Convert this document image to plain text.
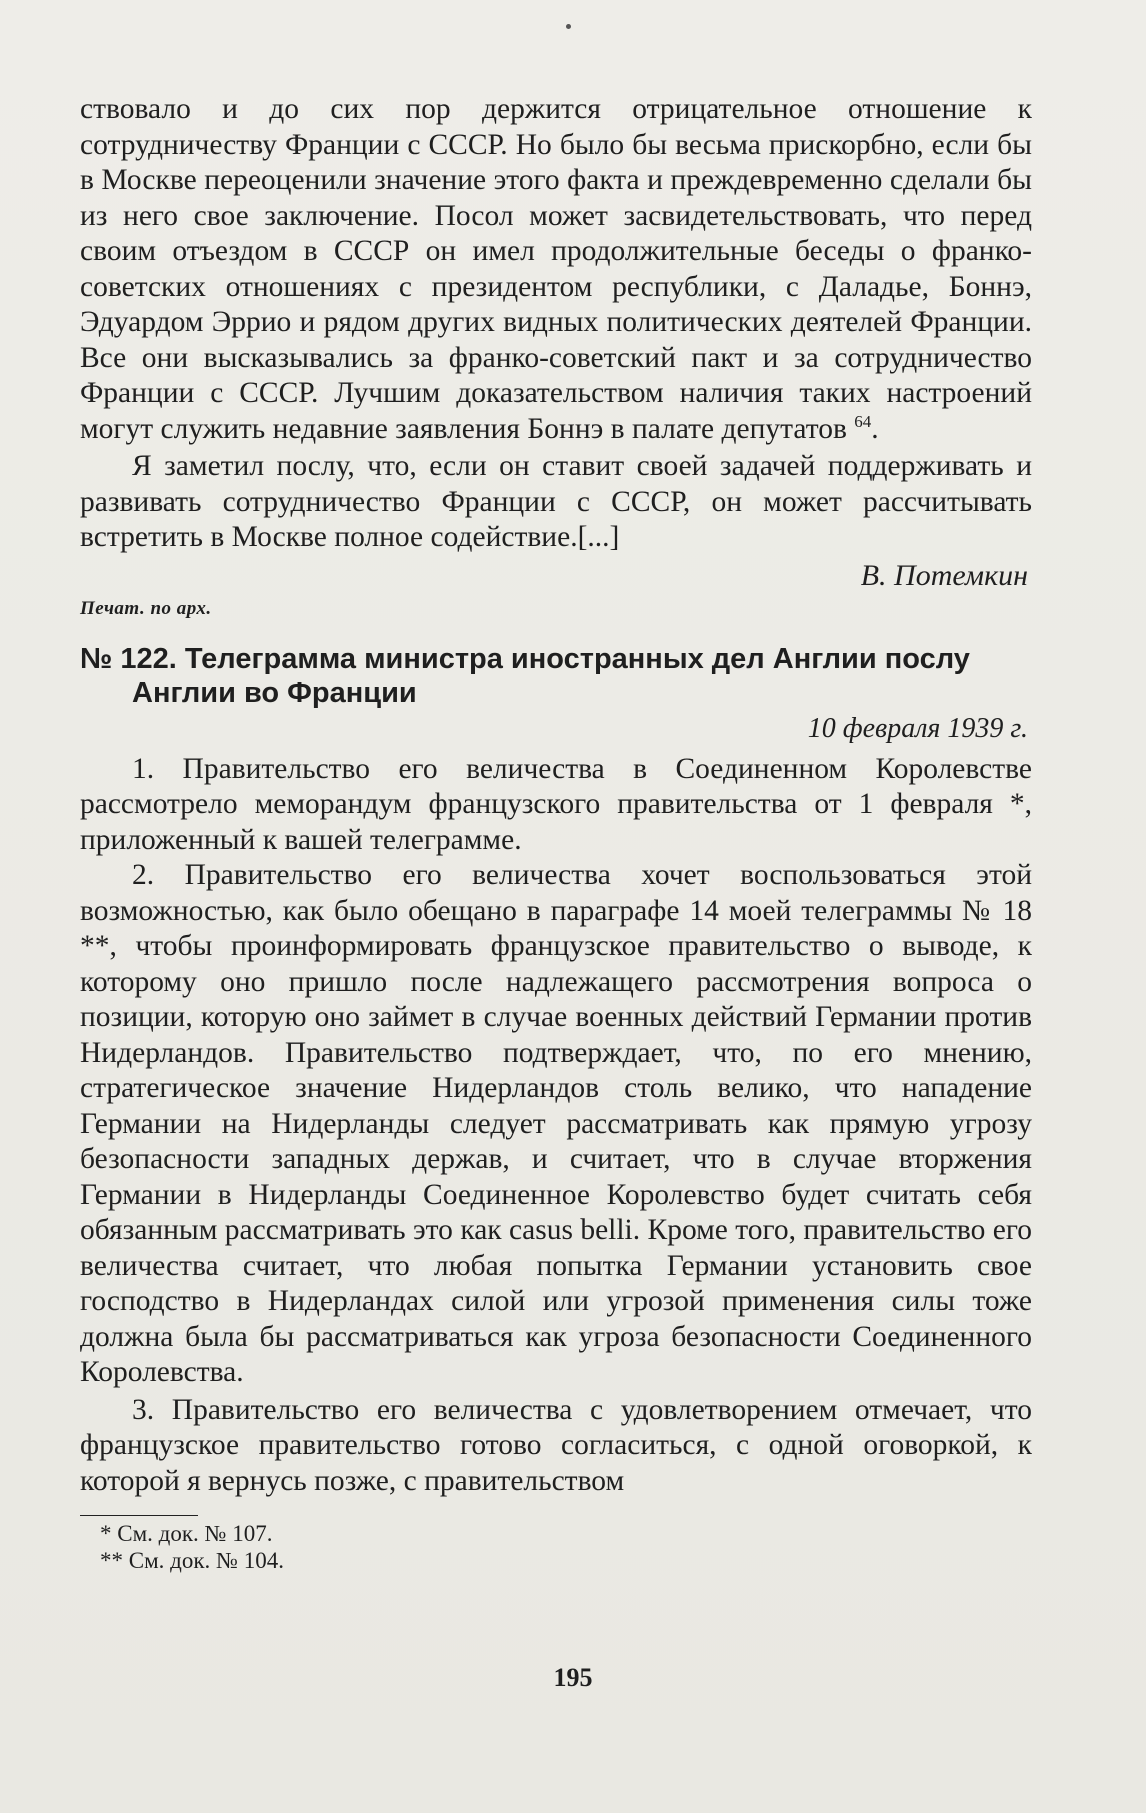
ствовало и до сих пор держится отрицательное отношение к сотрудничеству Франции с СССР. Но было бы весьма прискорбно, если бы в Москве переоценили значение этого факта и преждевременно сделали бы из него свое заключение. Посол может засвидетельствовать, что перед своим отъездом в СССР он имел продолжительные беседы о франко-советских отношениях с президентом республики, с Даладье, Боннэ, Эдуардом Эррио и рядом других видных политических деятелей Франции. Все они высказывались за франко-советский пакт и за сотрудничество Франции с СССР. Лучшим доказательством наличия таких настроений могут служить недавние заявления Боннэ в палате депутатов $^{64}$.

Я заметил послу, что, если он ставит своей задачей поддерживать и развивать сотрудничество Франции с СССР, он может рассчитывать встретить в Москве полное содействие.[...]

В. Потемкин
Печат. по арх.
№ 122. Телеграмма министра иностранных дел Англии послу Англии во Франции
10 февраля 1939 г.

1. Правительство его величества в Соединенном Королевстве рассмотрело меморандум французского правительства от 1 февраля *, приложенный к вашей телеграмме.

2. Правительство его величества хочет воспользоваться этой возможностью, как было обещано в параграфе 14 моей телеграммы № 18 **, чтобы проинформировать французское правительство о выводе, к которому оно пришло после надлежащего рассмотрения вопроса о позиции, которую оно займет в случае военных действий Германии против Нидерландов. Правительство подтверждает, что, по его мнению, стратегическое значение Нидерландов столь велико, что нападение Германии на Нидерланды следует рассматривать как прямую угрозу безопасности западных держав, и считает, что в случае вторжения Германии в Нидерланды Соединенное Королевство будет считать себя обязанным рассматривать это как casus belli. Кроме того, правительство его величества считает, что любая попытка Германии установить свое господство в Нидерландах силой или угрозой применения силы тоже должна была бы рассматриваться как угроза безопасности Соединенного Королевства.

3. Правительство его величества с удовлетворением отмечает, что французское правительство готово согласиться, с одной оговоркой, к которой я вернусь позже, с правительством

* См. док. № 107.
** См. док. № 104.
195
